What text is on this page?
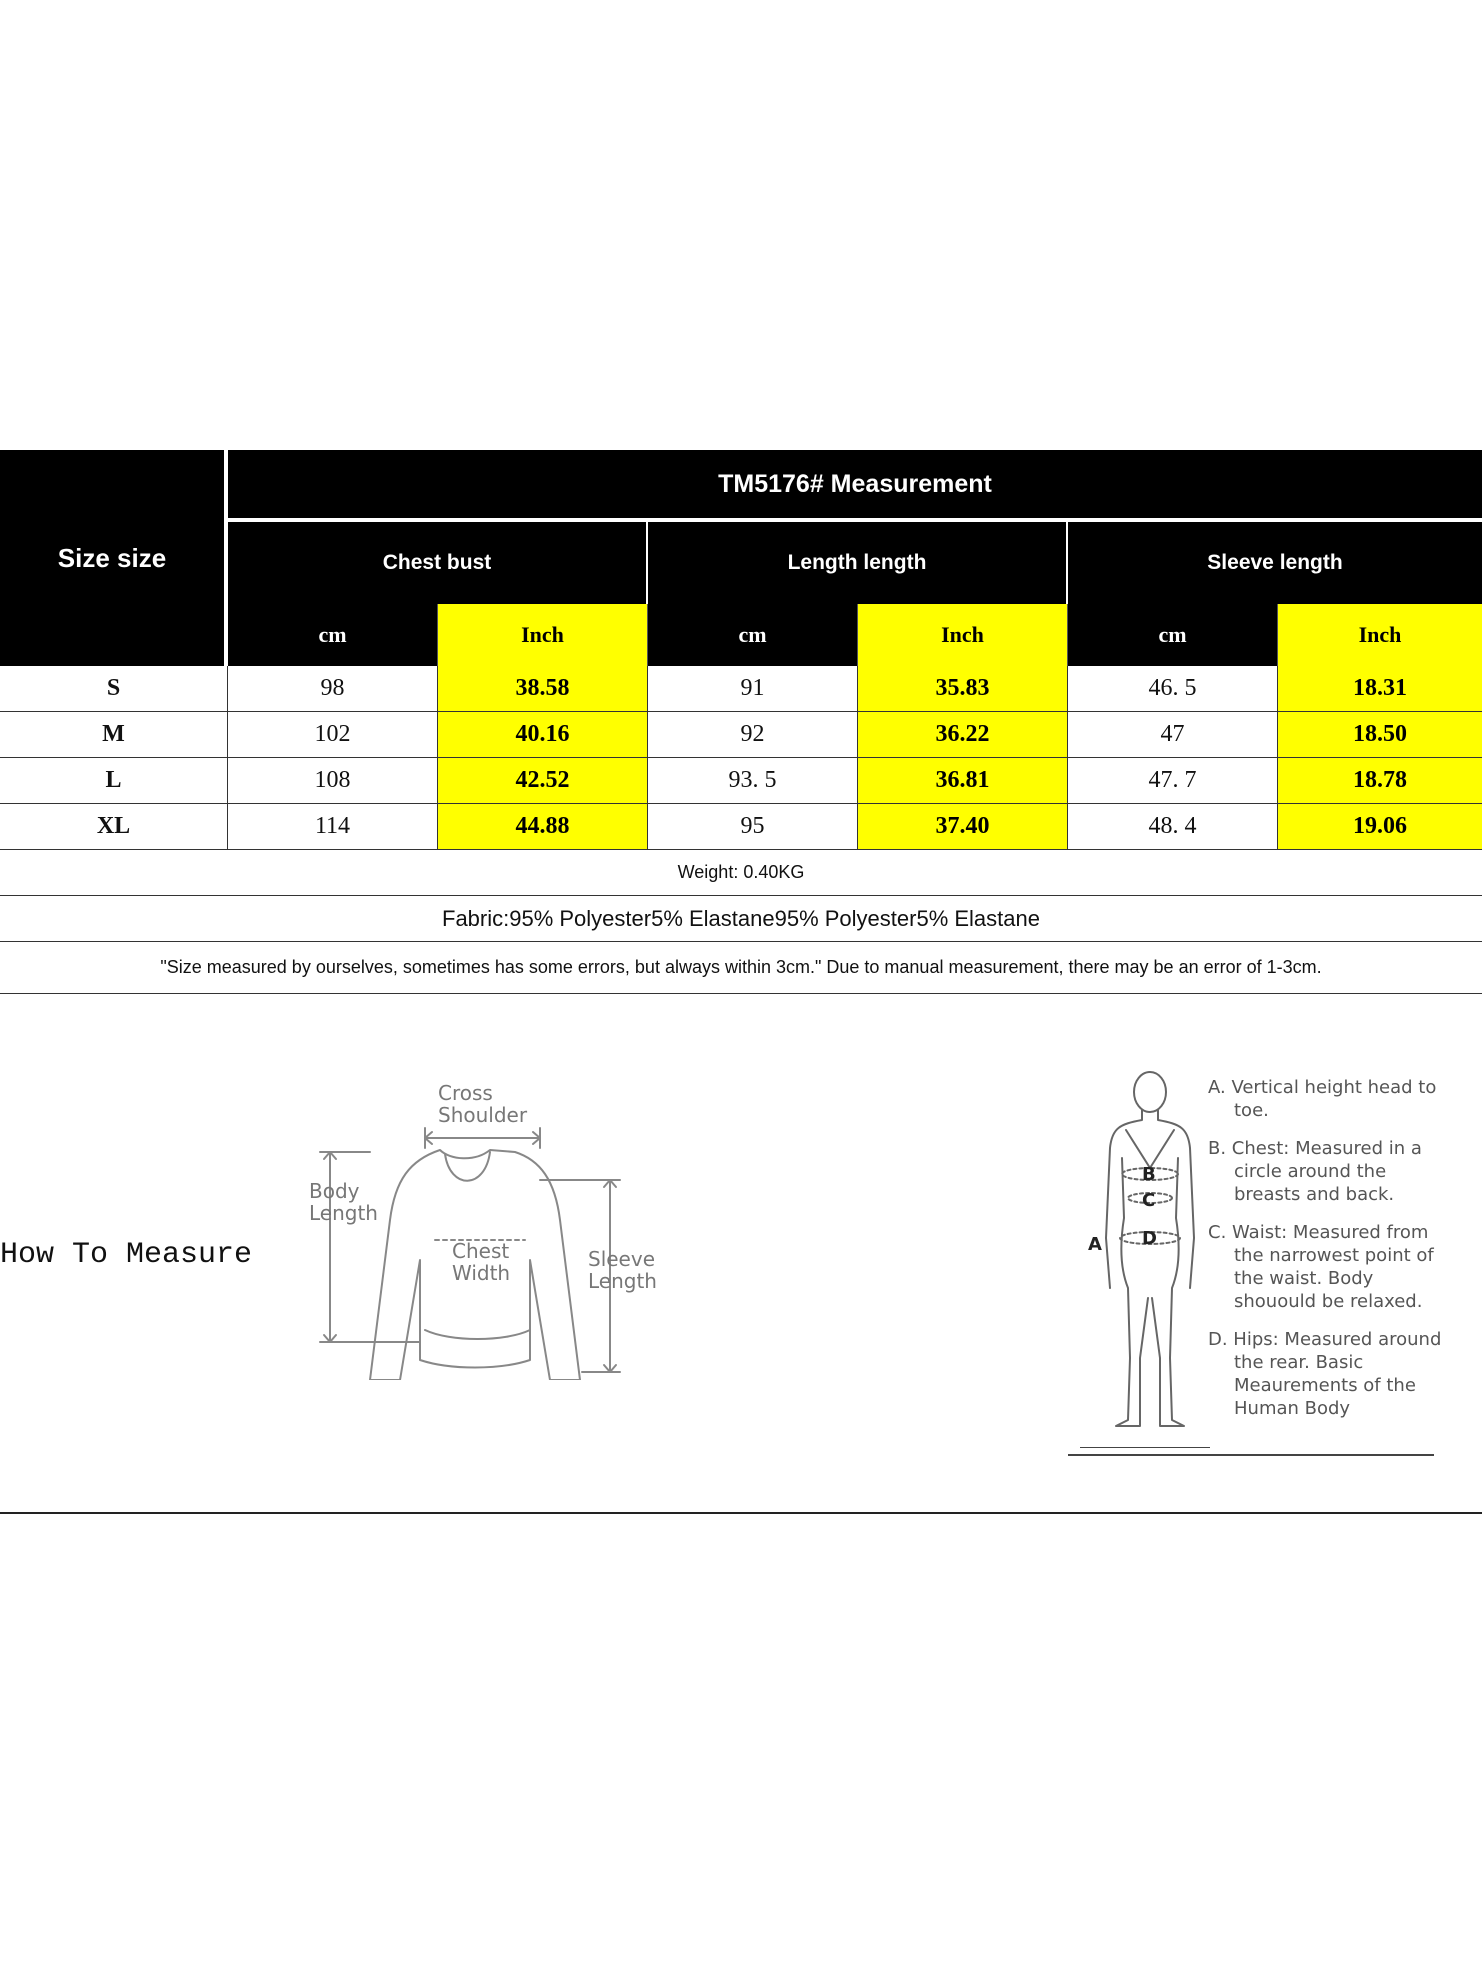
Size size
TM5176# Measurement
Chest bust	Length length	Sleeve length
cm	Inch	cm	Inch	cm	Inch
S	98	38.58	91	35.83	46. 5	18.31
M	102	40.16	92	36.22	47	18.50
L	108	42.52	93. 5	36.81	47. 7	18.78
XL	114	44.88	95	37.40	48. 4	19.06
Weight: 0.40KG
Fabric:95% Polyester5% Elastane95% Polyester5% Elastane
"Size measured by ourselves, sometimes has some errors, but always within 3cm." Due to manual measurement, there may be an error of 1-3cm.
How To Measure
Cross
Shoulder
Body
Length
Chest
Width
Sleeve
Length
A
B
C
D
A. Vertical height head to toe.
B. Chest: Measured in a circle around the breasts and back.
C. Waist: Measured from the narrowest point of the waist. Body shouould be relaxed.
D. Hips: Measured around the rear. Basic Meaurements of the Human Body
